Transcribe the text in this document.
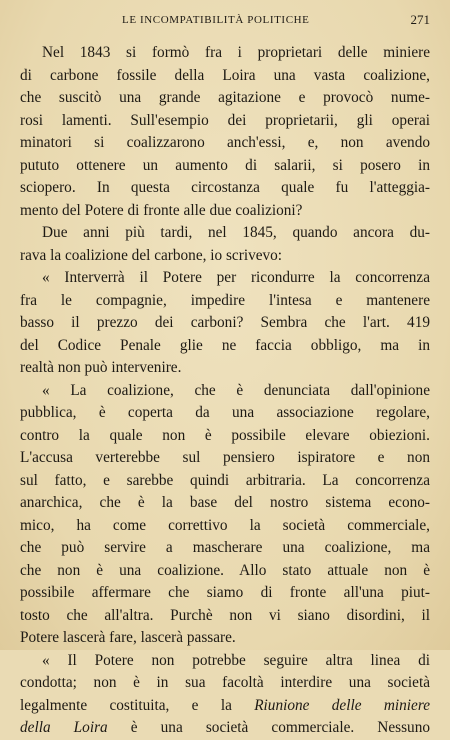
LE INCOMPATIBILITÀ POLITICHE	271
Nel 1843 si formò fra i proprietari delle miniere
di carbone fossile della Loira una vasta coalizione,
che suscitò una grande agitazione e provocò nume-
rosi lamenti. Sull'esempio dei proprietarii, gli operai
minatori si coalizzarono anch'essi, e, non avendo
pututo ottenere un aumento di salarii, si posero in
sciopero. In questa circostanza quale fu l'atteggia-
mento del Potere di fronte alle due coalizioni?
Due anni più tardi, nel 1845, quando ancora du-
rava la coalizione del carbone, io scrivevo:
« Interverrà il Potere per ricondurre la concorrenza
fra le compagnie, impedire l'intesa e mantenere
basso il prezzo dei carboni? Sembra che l'art. 419
del Codice Penale glie ne faccia obbligo, ma in
realtà non può intervenire.
« La coalizione, che è denunciata dall'opinione
pubblica, è coperta da una associazione regolare,
contro la quale non è possibile elevare obiezioni.
L'accusa verterebbe sul pensiero ispiratore e non
sul fatto, e sarebbe quindi arbitraria. La concorrenza
anarchica, che è la base del nostro sistema econo-
mico, ha come correttivo la società commerciale,
che può servire a mascherare una coalizione, ma
che non è una coalizione. Allo stato attuale non è
possibile affermare che siamo di fronte all'una piut-
tosto che all'altra. Purchè non vi siano disordini, il
Potere lascerà fare, lascerà passare.
« Il Potere non potrebbe seguire altra linea di
condotta; non è in sua facoltà interdire una società
legalmente costituita, e la Riunione delle miniere
della Loira è una società commerciale. Nessuno
